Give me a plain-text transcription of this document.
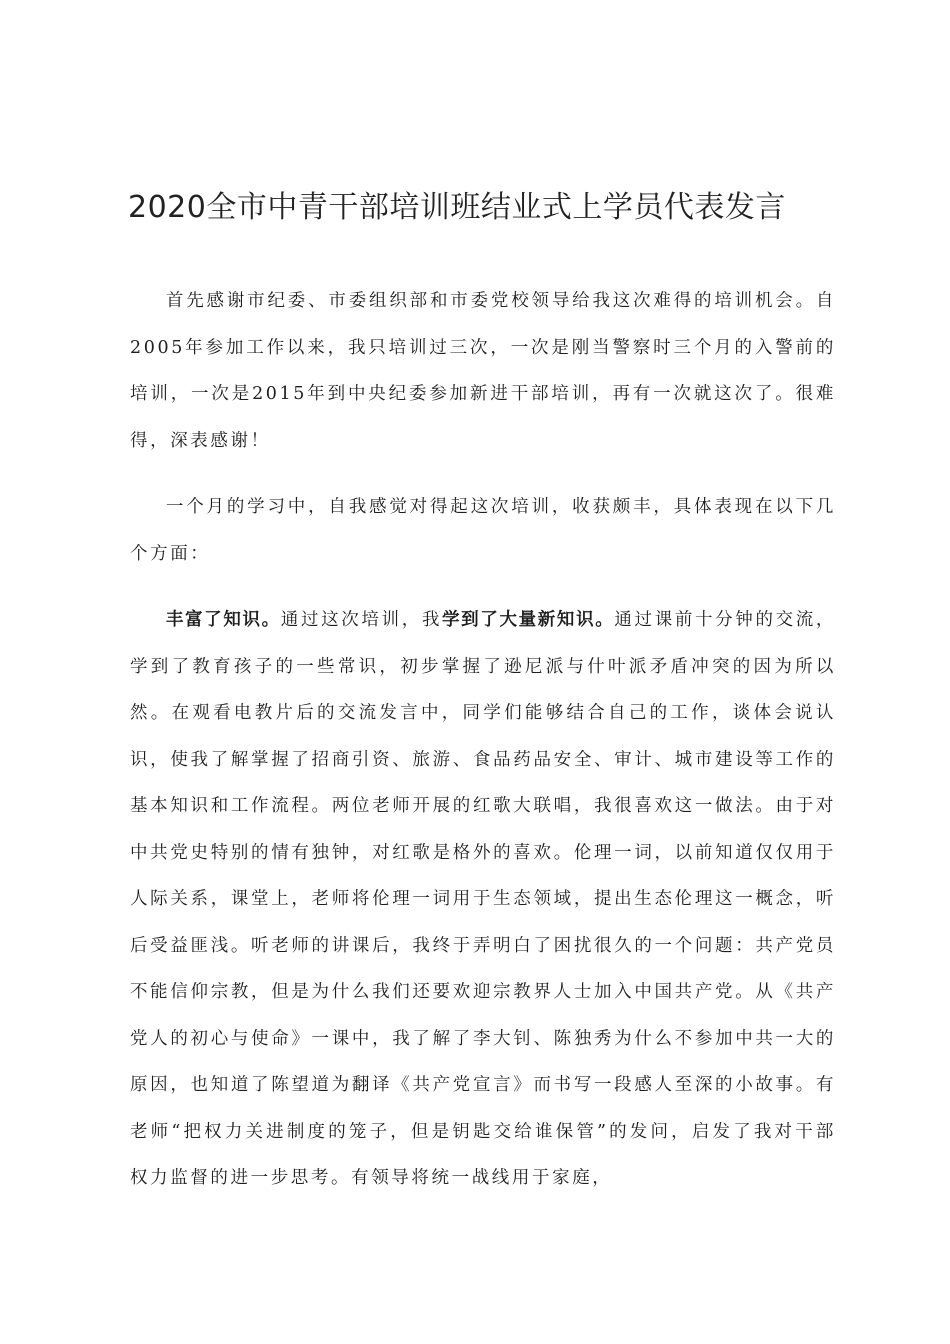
2020全市中青干部培训班结业式上学员代表发言

首先感谢市纪委、市委组织部和市委党校领导给我这次难得的培训机会。自2005年参加工作以来，我只培训过三次，一次是刚当警察时三个月的入警前的培训，一次是2015年到中央纪委参加新进干部培训，再有一次就这次了。很难得，深表感谢！

一个月的学习中，自我感觉对得起这次培训，收获颇丰，具体表现在以下几个方面：

丰富了知识。通过这次培训，我学到了大量新知识。通过课前十分钟的交流，学到了教育孩子的一些常识，初步掌握了逊尼派与什叶派矛盾冲突的因为所以然。在观看电教片后的交流发言中，同学们能够结合自己的工作，谈体会说认识，使我了解掌握了招商引资、旅游、食品药品安全、审计、城市建设等工作的基本知识和工作流程。两位老师开展的红歌大联唱，我很喜欢这一做法。由于对中共党史特别的情有独钟，对红歌是格外的喜欢。伦理一词，以前知道仅仅用于人际关系，课堂上，老师将伦理一词用于生态领域，提出生态伦理这一概念，听后受益匪浅。听老师的讲课后，我终于弄明白了困扰很久的一个问题：共产党员不能信仰宗教，但是为什么我们还要欢迎宗教界人士加入中国共产党。从《共产党人的初心与使命》一课中，我了解了李大钊、陈独秀为什么不参加中共一大的原因，也知道了陈望道为翻译《共产党宣言》而书写一段感人至深的小故事。有老师“把权力关进制度的笼子，但是钥匙交给谁保管”的发问，启发了我对干部权力监督的进一步思考。有领导将统一战线用于家庭，
